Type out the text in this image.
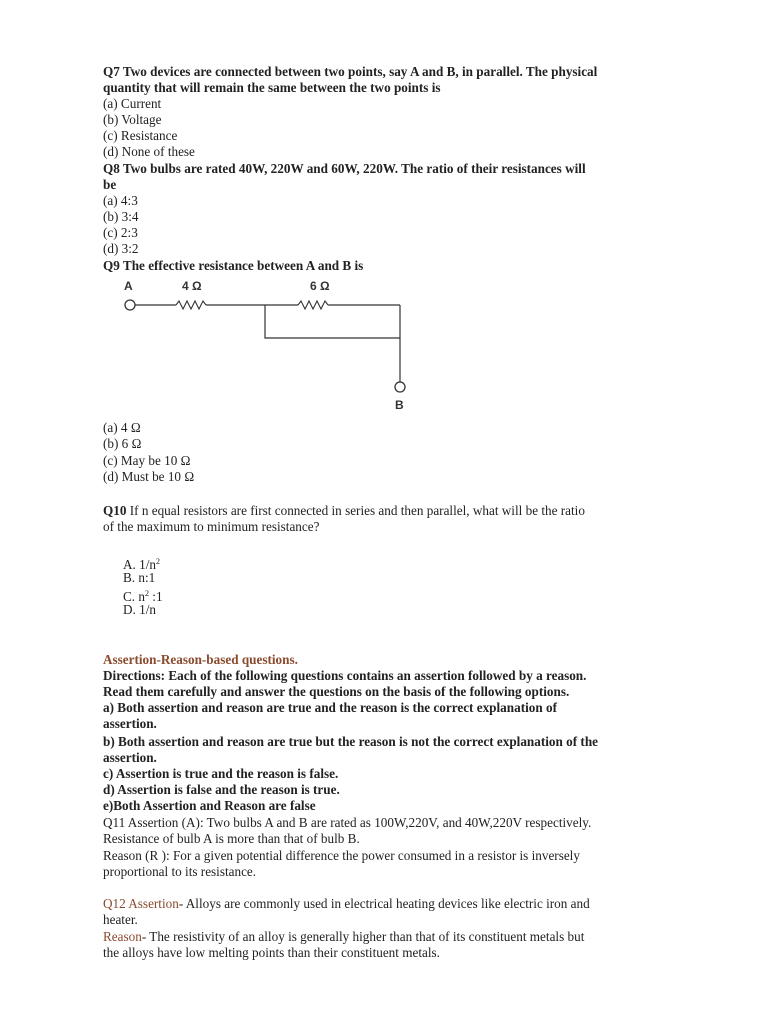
Q7 Two devices are connected between two points, say A and B, in parallel. The physical
quantity that will remain the same between the two points is
(a) Current
(b) Voltage
(c) Resistance
(d) None of these
Q8 Two bulbs are rated 40W, 220W and 60W, 220W. The ratio of their resistances will
be
(a) 4:3
(b) 3:4
(c) 2:3
(d) 3:2
Q9 The effective resistance between A and B is
A	4 Ω	6 Ω
B
(a) 4 Ω
(b) 6 Ω
(c) May be 10 Ω
(d) Must be 10 Ω
Q10 If n equal resistors are first connected in series and then parallel, what will be the ratio
of the maximum to minimum resistance?
A. $1/n^2$
B. n:1
C. $n^2$ :1
D. 1/n
Assertion-Reason-based questions.
Directions: Each of the following questions contains an assertion followed by a reason.
Read them carefully and answer the questions on the basis of the following options.
a) Both assertion and reason are true and the reason is the correct explanation of
assertion.
b) Both assertion and reason are true but the reason is not the correct explanation of the
assertion.
c) Assertion is true and the reason is false.
d) Assertion is false and the reason is true.
e)Both Assertion and Reason are false
Q11 Assertion (A): Two bulbs A and B are rated as 100W,220V, and 40W,220V respectively.
Resistance of bulb A is more than that of bulb B.
Reason (R ): For a given potential difference the power consumed in a resistor is inversely
proportional to its resistance.
Q12 Assertion- Alloys are commonly used in electrical heating devices like electric iron and
heater.
Reason- The resistivity of an alloy is generally higher than that of its constituent metals but
the alloys have low melting points than their constituent metals.
